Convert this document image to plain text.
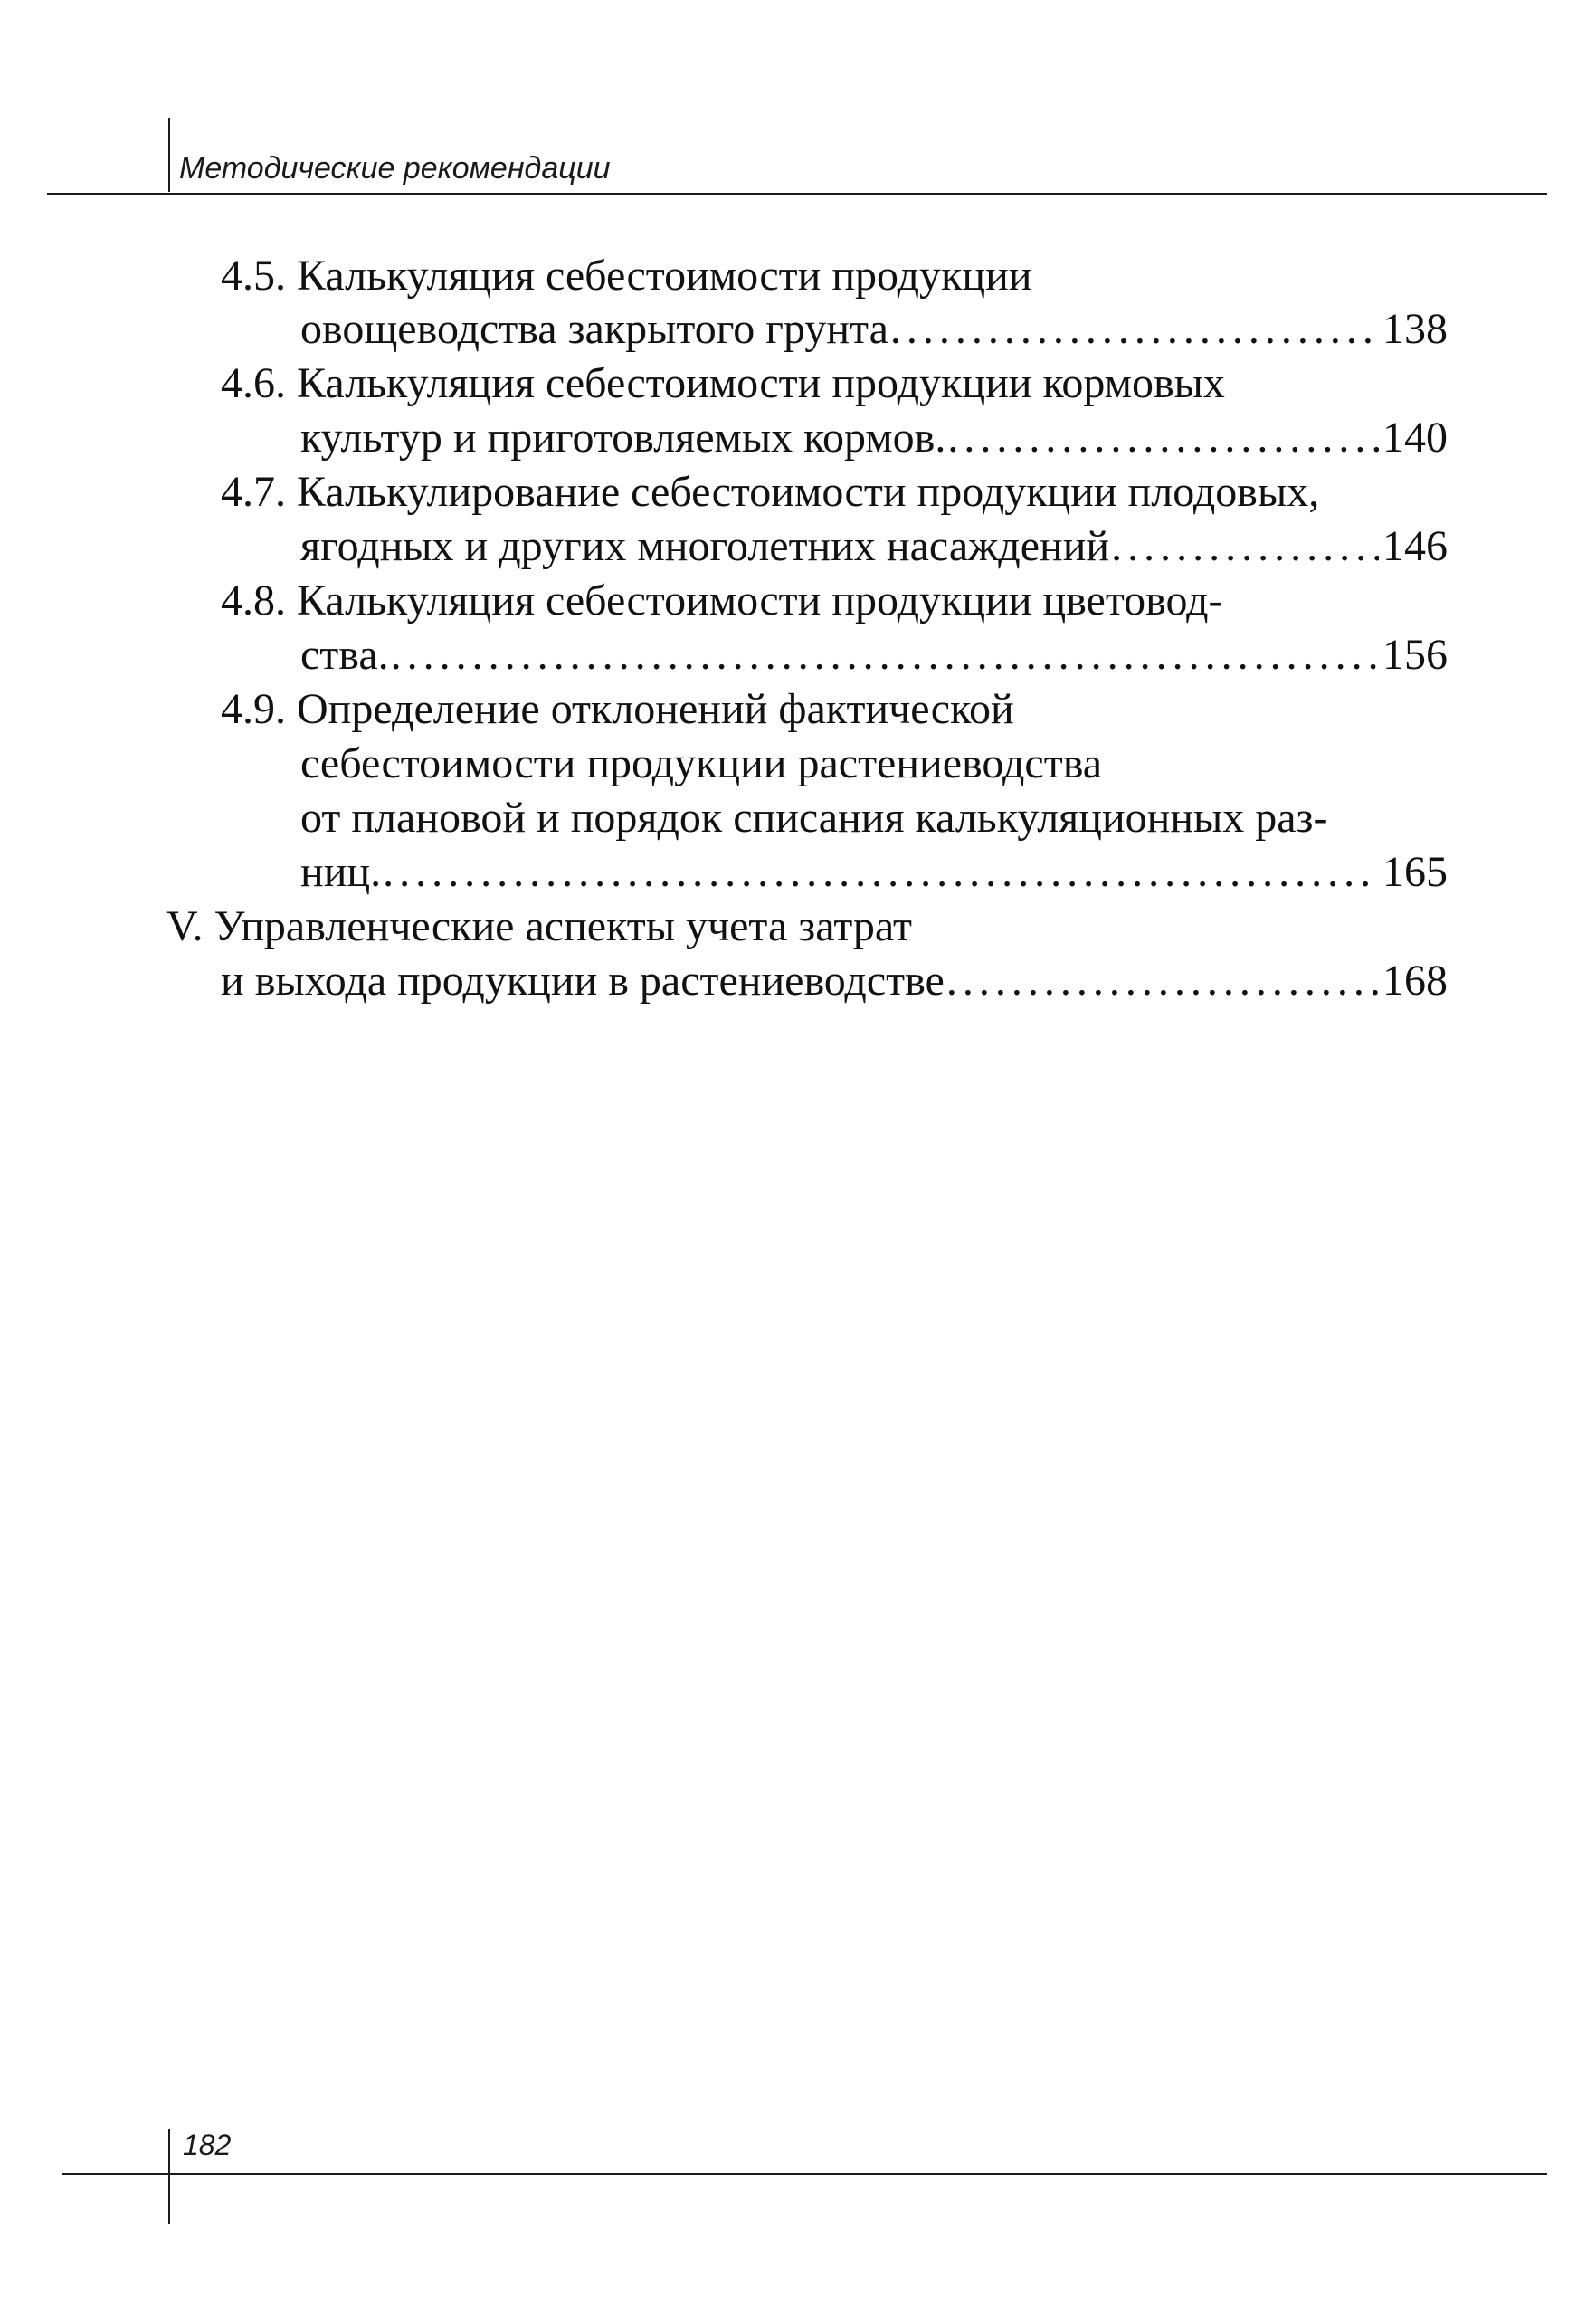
Методические рекомендации
4.5. Калькуляция себестоимости продукции
овощеводства закрытого грунта . . .	138
4.6. Калькуляция себестоимости продукции кормовых
культур и приготовляемых кормов. . . .	140
4.7. Калькулирование себестоимости продукции плодовых,
ягодных и других многолетних насаждений . . .	146
4.8. Калькуляция себестоимости продукции цветовод-
ства. . . .	156
4.9. Определение отклонений фактической
себестоимости продукции растениеводства
от плановой и порядок списания калькуляционных раз-
ниц. . . .	165
V. Управленческие аспекты учета затрат
и выхода продукции в растениеводстве . . .	168
182
